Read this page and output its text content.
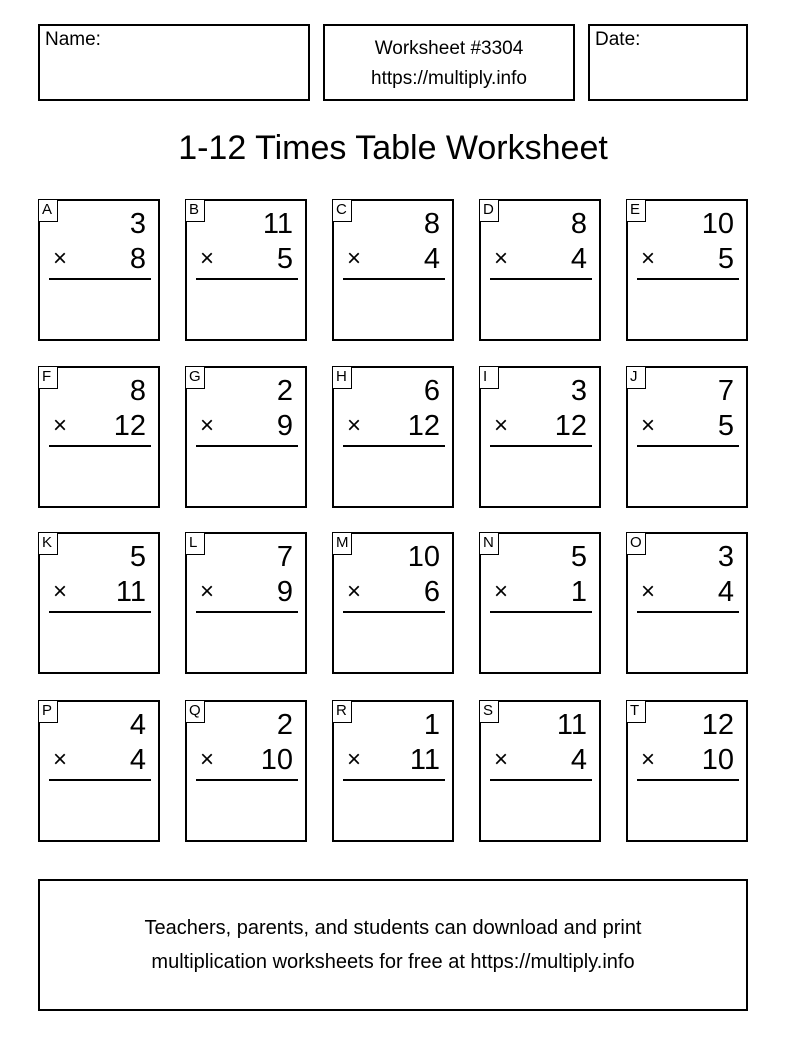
Name:	Worksheet #3304
https://multiply.info
Date:
1-12 Times Table Worksheet
A	3
× 8
B 11
× 5
C	8
× 4
D	8
× 4
E 10
× 5
F	8
× 12
G	2
× 9
H	6
× 12
I	3
× 12
J	7
× 5
K	5
× 11
L	7
× 9
M 10
× 6
N	5
× 1
O	3
× 4
P	4
× 4
Q	2
× 10
R	1
× 11
S 11
× 4
T 12
× 10
Teachers, parents, and students can download and print
multiplication worksheets for free at https://multiply.info
